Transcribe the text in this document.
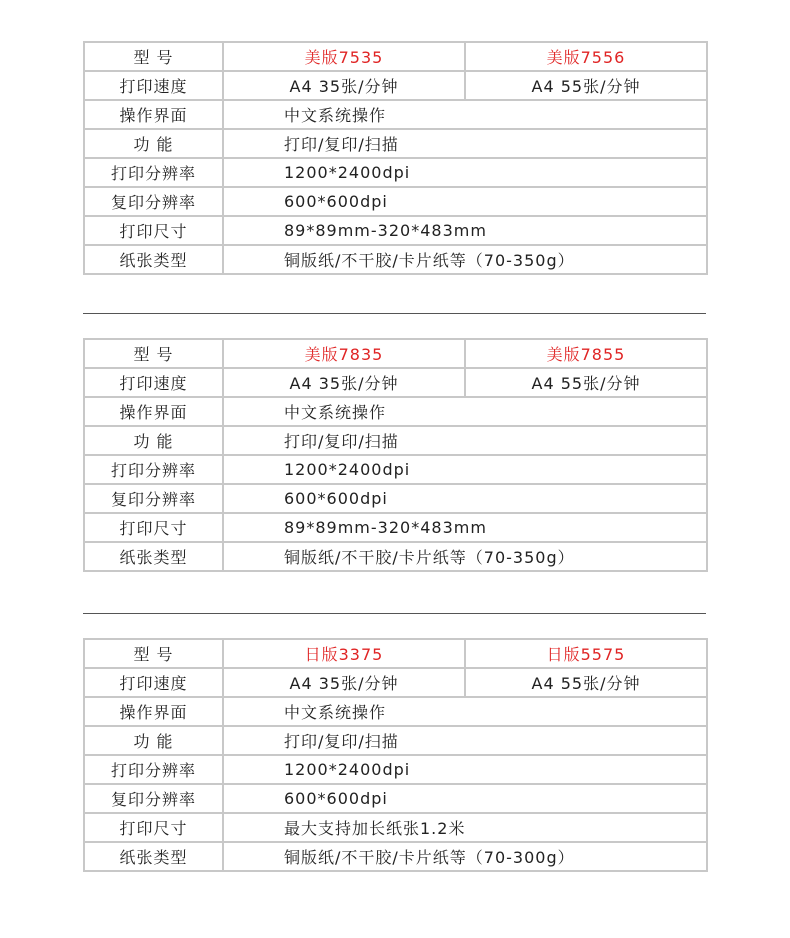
型 号	美版7535	美版7556
打印速度	A4 35张/分钟	A4 55张/分钟
操作界面	中文系统操作	
功 能	打印/复印/扫描	
打印分辨率	1200*2400dpi	
复印分辨率	600*600dpi	
打印尺寸	89*89mm-320*483mm	
纸张类型	铜版纸/不干胶/卡片纸等（70-350g）	
型 号	美版7835	美版7855
打印速度	A4 35张/分钟	A4 55张/分钟
操作界面	中文系统操作	
功 能	打印/复印/扫描	
打印分辨率	1200*2400dpi	
复印分辨率	600*600dpi	
打印尺寸	89*89mm-320*483mm	
纸张类型	铜版纸/不干胶/卡片纸等（70-350g）	
型 号	日版3375	日版5575
打印速度	A4 35张/分钟	A4 55张/分钟
操作界面	中文系统操作	
功 能	打印/复印/扫描	
打印分辨率	1200*2400dpi	
复印分辨率	600*600dpi	
打印尺寸	最大支持加长纸张1.2米	
纸张类型	铜版纸/不干胶/卡片纸等（70-300g）	
